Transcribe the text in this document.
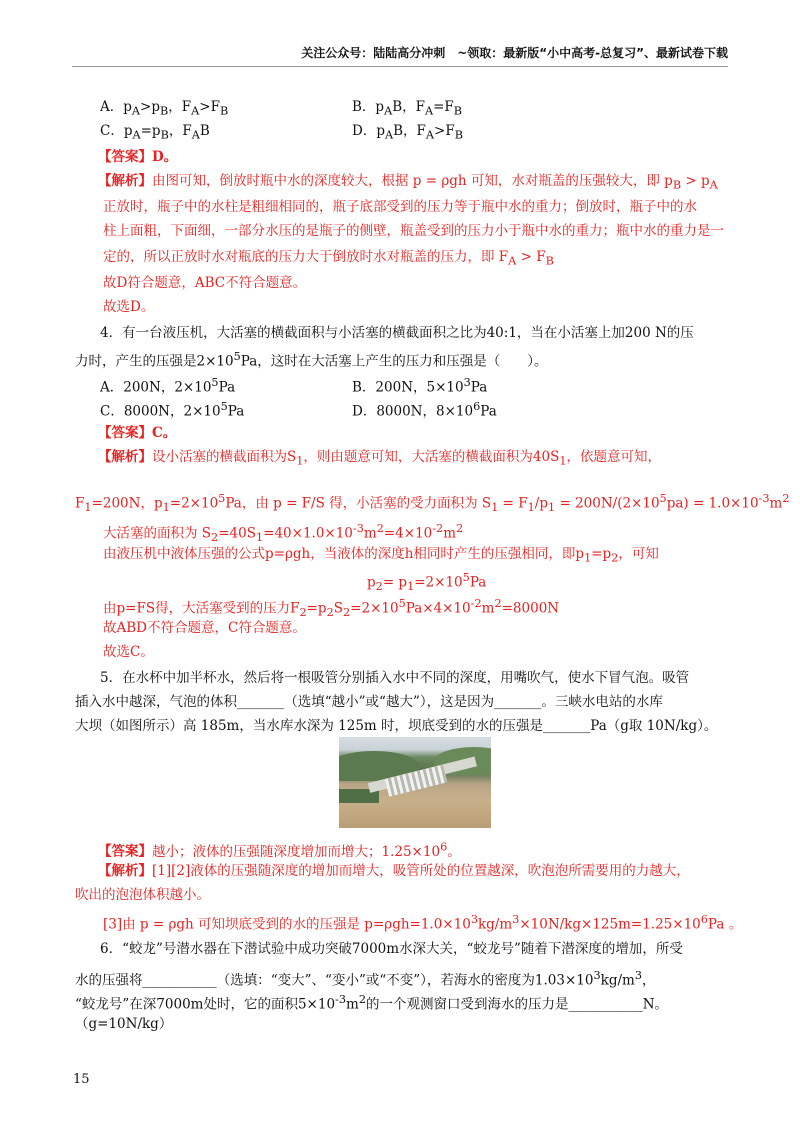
关注公众号：陆陆高分冲刺　~领取：最新版“小中高考-总复习”、最新试卷下载
A．$p_A>p_B$，$F_A>F_B$	B．$p_AB$，$F_A=F_B$
C．$p_A=p_B$，$F_AB$	D．$p_AB$，$F_A>F_B$
【答案】D。
【解析】由图可知，倒放时瓶中水的深度较大，根据 p = ρgh 可知，水对瓶盖的压强较大，即 $p_B > p_A$
正放时，瓶子中的水柱是粗细相同的，瓶子底部受到的压力等于瓶中水的重力；倒放时，瓶子中的水
柱上面粗，下面细，一部分水压的是瓶子的侧壁，瓶盖受到的压力小于瓶中水的重力；瓶中水的重力是一
定的，所以正放时水对瓶底的压力大于倒放时水对瓶盖的压力，即 $F_A > F_B$
故D符合题意，ABC不符合题意。
故选D。
4．有一台液压机，大活塞的横截面积与小活塞的横截面积之比为40:1，当在小活塞上加200 N的压
力时，产生的压强是$2\times 10^5Pa$，这时在大活塞上产生的压力和压强是（　　）。
A．200N，$2\times 10^5Pa$	B．200N，$5\times 10^3Pa$
C．8000N，$2\times 10^5Pa$	D．8000N，$8\times 10^6Pa$
【答案】C。
【解析】设小活塞的横截面积为$S_1$，则由题意可知，大活塞的横截面积为$40S_1$，依题意可知，
$F_1=200N$，$p_1=2\times 10^5Pa$，由 p = F/S 得，小活塞的受力面积为 $S_1 = F_1/p_1 = 200N/(2\times 10^5pa) = 1.0\times 10^{-3}m^2$
大活塞的面积为 $S_2=40S_1=40\times 1.0\times 10^{-3}m^2=4\times 10^{-2}m^2$
由液压机中液体压强的公式p=ρgh，当液体的深度h相同时产生的压强相同，即$p_1=p_2$，可知
$p_2= p_1=2\times 10^5Pa$
由p=FS得，大活塞受到的压力$F_2=p_2S_2=2\times 10^5Pa\times 4\times 10^{-2}m^2=8000N$
故ABD不符合题意，C符合题意。
故选C。
5．在水杯中加半杯水，然后将一根吸管分别插入水中不同的深度，用嘴吹气，使水下冒气泡。吸管
插入水中越深，气泡的体积_______（选填“越小”或“越大”），这是因为_______。三峡水电站的水库
大坝（如图所示）高 185m，当水库水深为 125m 时，坝底受到的水的压强是_______Pa（g取 10N/kg）。
【答案】越小；液体的压强随深度增加而增大；$1.25\times 10^6$。
【解析】[1][2]液体的压强随深度的增加而增大，吸管所处的位置越深，吹泡泡所需要用的力越大，
吹出的泡泡体积越小。
[3]由 p = ρgh 可知坝底受到的水的压强是 $p=\rho gh=1.0\times 10^3kg/m^3\times 10N/kg\times 125m=1.25\times 10^6Pa$ 。
6．“蛟龙”号潜水器在下潜试验中成功突破7000m水深大关，“蛟龙号”随着下潜深度的增加，所受
水的压强将___________（选填：“变大”、“变小”或“不变”），若海水的密度为$1.03\times 10^3kg/m^3$，
“蛟龙号”在深7000m处时，它的面积$5\times 10^{-3}m^2$的一个观测窗口受到海水的压力是___________N。
（g=10N/kg）
15
